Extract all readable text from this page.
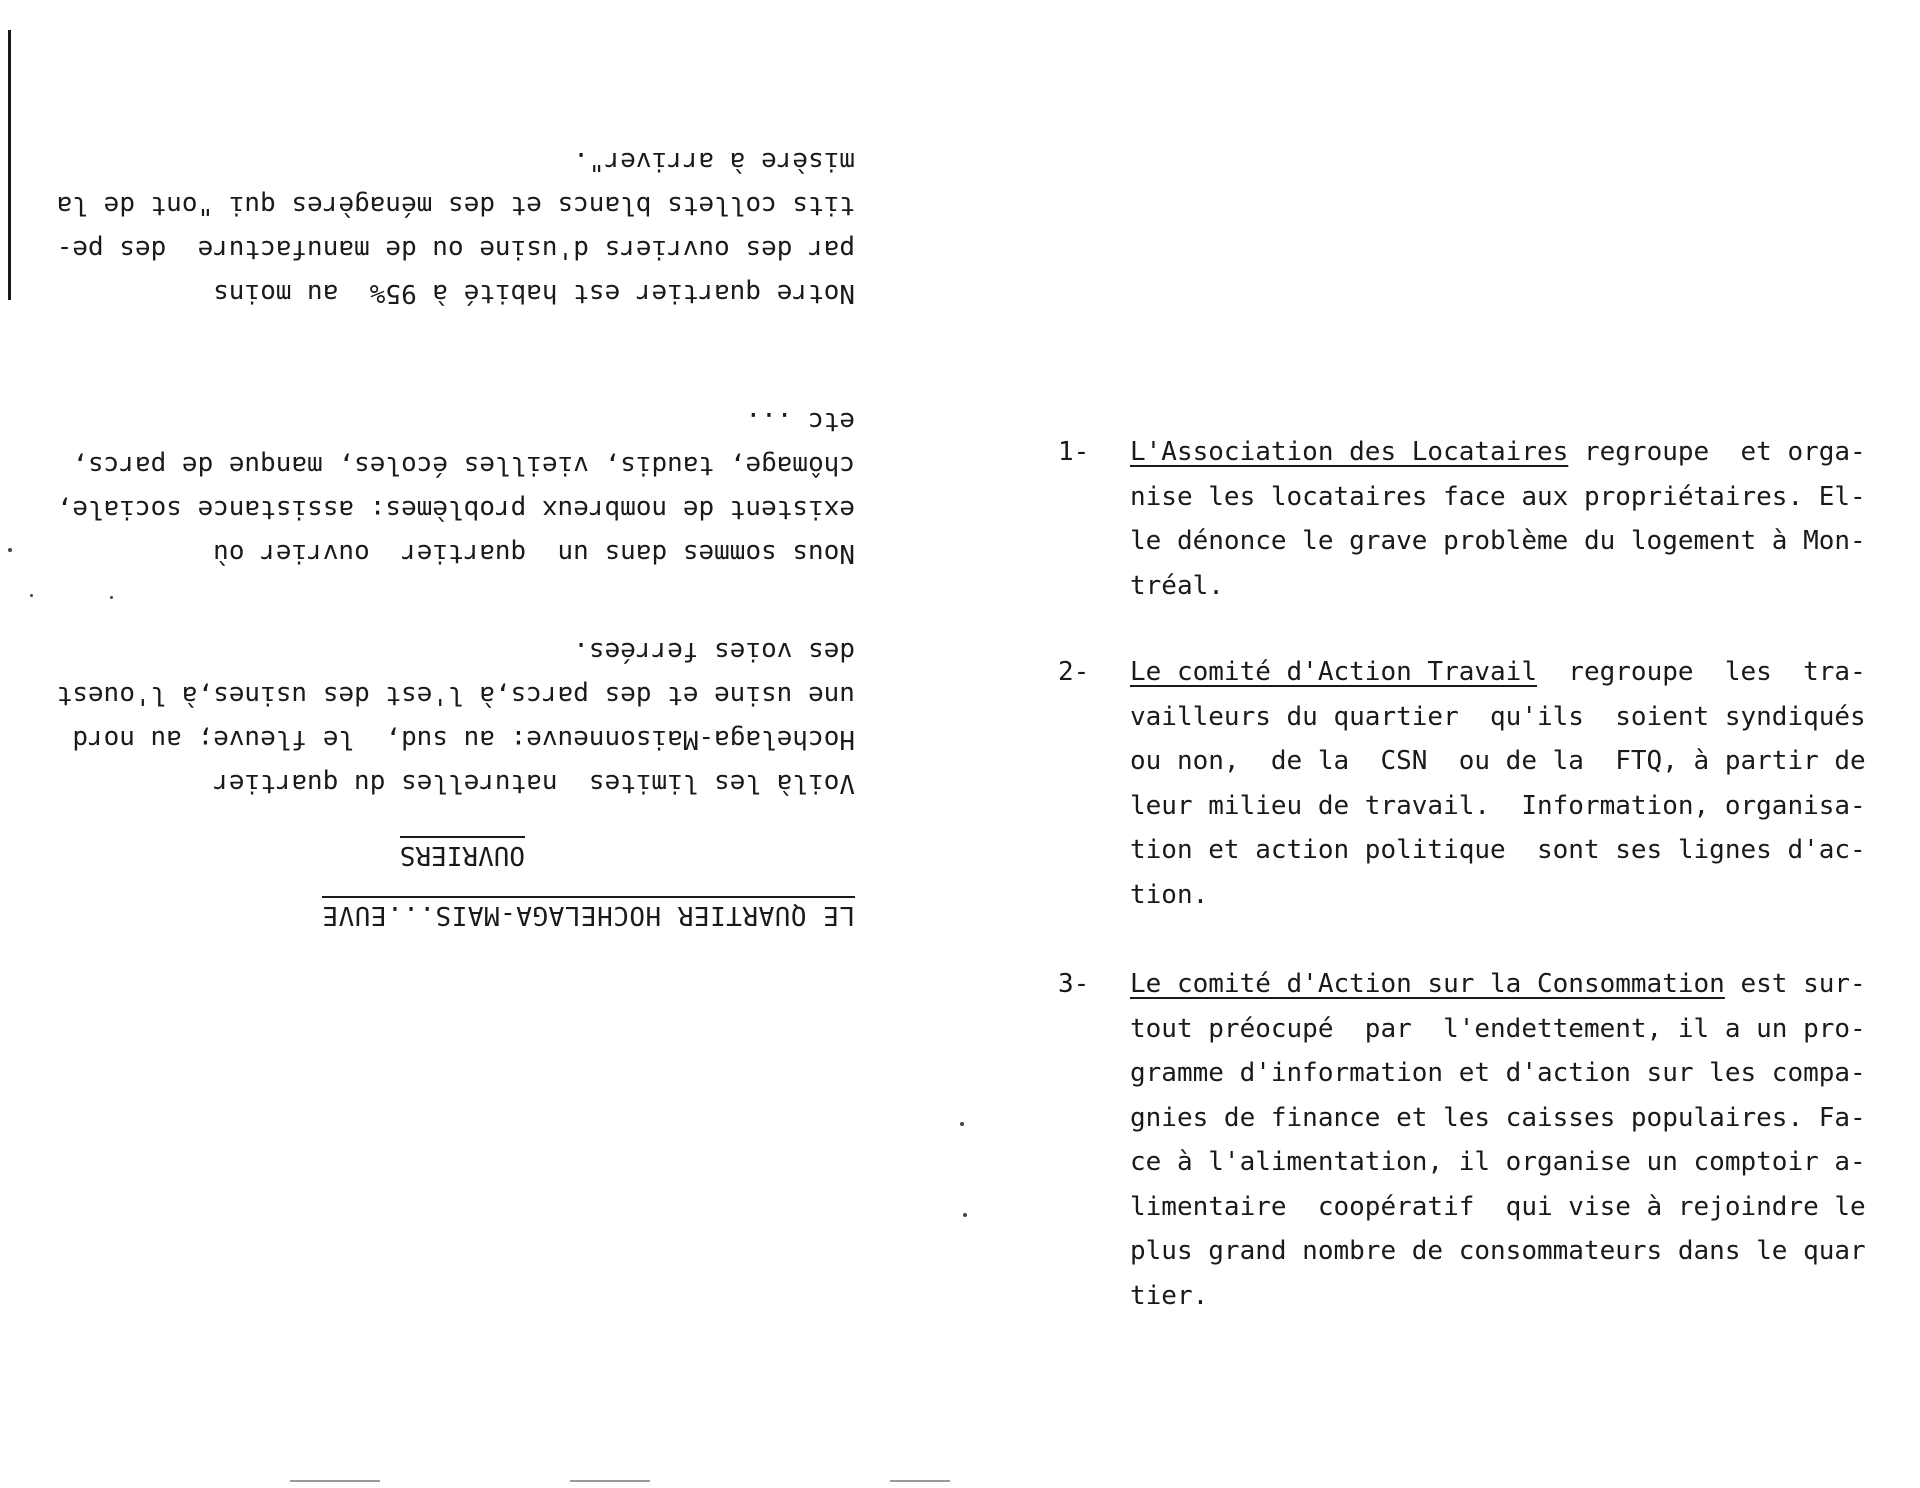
LE QUARTIER HOCHELAGA-MAIS...EUVE
OUVRIERS

Voilà les limites  naturelles du quartier

Hochelaga-Maisonneuve: au sud,  le fleuve; au nord

une usine et des parcs,à l'est des usines,à l'ouest

des voies ferrées.

Nous sommes dans un  quartier  ouvrier où

existent de nombreux problèmes: assistance sociale,

chômage, taudis, vieilles écoles, manque de parcs,

etc ...

Notre quartier est habité à 95%  au moins

par des ouvriers d'usine ou de manufacture  des pe-

tits collets blancs et des ménagères qui "ont de la

misère à arriver".

1- L'Association des Locataires regroupe  et orga-

nise les locataires face aux propriétaires. El-

le dénonce le grave problème du logement à Mon-

tréal.

2- Le comité d'Action Travail  regroupe  les  tra-

vailleurs du quartier  qu'ils  soient syndiqués

ou non,  de la  CSN  ou de la  FTQ, à partir de

leur milieu de travail.  Information, organisa-

tion et action politique  sont ses lignes d'ac-

tion.

3- Le comité d'Action sur la Consommation est sur-

tout préocupé  par  l'endettement, il a un pro-

gramme d'information et d'action sur les compa-

gnies de finance et les caisses populaires. Fa-

ce à l'alimentation, il organise un comptoir a-

limentaire  coopératif  qui vise à rejoindre le

plus grand nombre de consommateurs dans le quar

tier.
